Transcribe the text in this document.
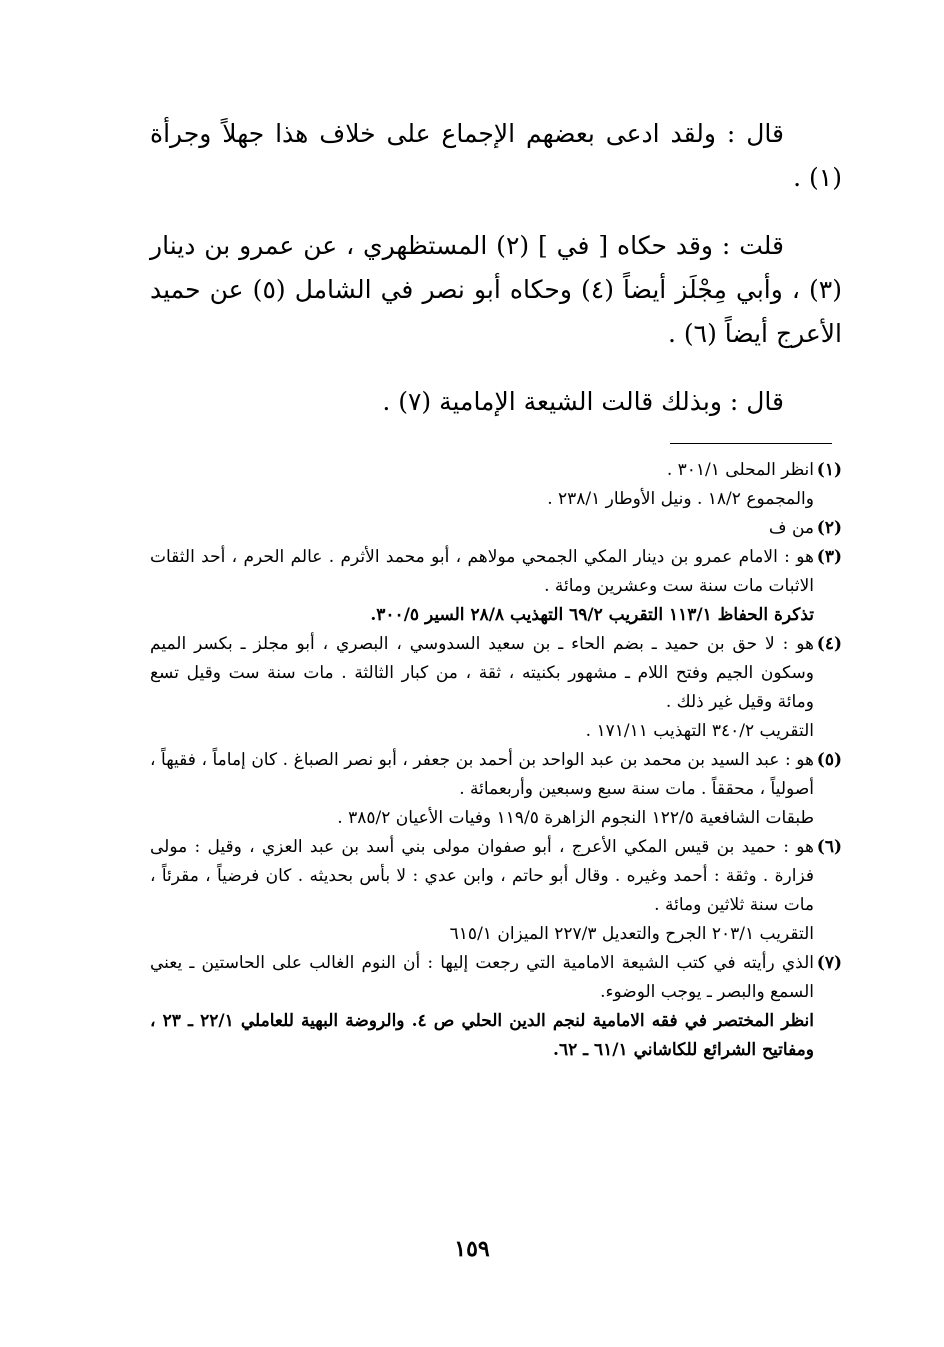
قال : ولقد ادعى بعضهم الإجماع على خلاف هذا جهلاً وجرأة (١) .

قلت : وقد حكاه [ في ] (٢) المستظهري ، عن عمرو بن دينار (٣) ، وأبي مِجْلَز أيضاً (٤) وحكاه أبو نصر في الشامل (٥) عن حميد الأعرج أيضاً (٦) .

قال : وبذلك قالت الشيعة الإمامية (٧) .

(١)
انظر المحلى ٣٠١/١ .
والمجموع ١٨/٢ . ونيل الأوطار ٢٣٨/١ .
(٢)
من ف
(٣)
هو : الامام عمرو بن دينار المكي الجمحي مولاهم ، أبو محمد الأثرم . عالم الحرم ، أحد الثقات الاثبات مات سنة ست وعشرين ومائة .
تذكرة الحفاظ ١١٣/١ التقريب ٦٩/٢ التهذيب ٢٨/٨ السير ٣٠٠/٥.
(٤)
هو : لا حق بن حميد ـ بضم الحاء ـ بن سعيد السدوسي ، البصري ، أبو مجلز ـ بكسر الميم وسكون الجيم وفتح اللام ـ مشهور بكنيته ، ثقة ، من كبار الثالثة . مات سنة ست وقيل تسع ومائة وقيل غير ذلك .
التقريب ٣٤٠/٢ التهذيب ١٧١/١١ .
(٥)
هو : عبد السيد بن محمد بن عبد الواحد بن أحمد بن جعفر ، أبو نصر الصباغ . كان إماماً ، فقيهاً ، أصولياً ، محققاً . مات سنة سبع وسبعين وأربعمائة .
طبقات الشافعية ١٢٢/٥ النجوم الزاهرة ١١٩/٥ وفيات الأعيان ٣٨٥/٢ .
(٦)
هو : حميد بن قيس المكي الأعرج ، أبو صفوان مولى بني أسد بن عبد العزي ، وقيل : مولى فزارة . وثقة : أحمد وغيره . وقال أبو حاتم ، وابن عدي : لا بأس بحديثه . كان فرضياً ، مقرئاً ، مات سنة ثلاثين ومائة .
التقريب ٢٠٣/١ الجرح والتعديل ٢٢٧/٣ الميزان ٦١٥/١
(٧)
الذي رأيته في كتب الشيعة الامامية التي رجعت إليها : أن النوم الغالب على الحاستين ـ يعني السمع والبصر ـ يوجب الوضوء.
انظر المختصر في فقه الامامية لنجم الدين الحلي ص ٤. والروضة البهية للعاملي ٢٢/١ ـ ٢٣ ، ومفاتيح الشرائع للكاشاني ٦١/١ ـ ٦٢.
١٥٩
